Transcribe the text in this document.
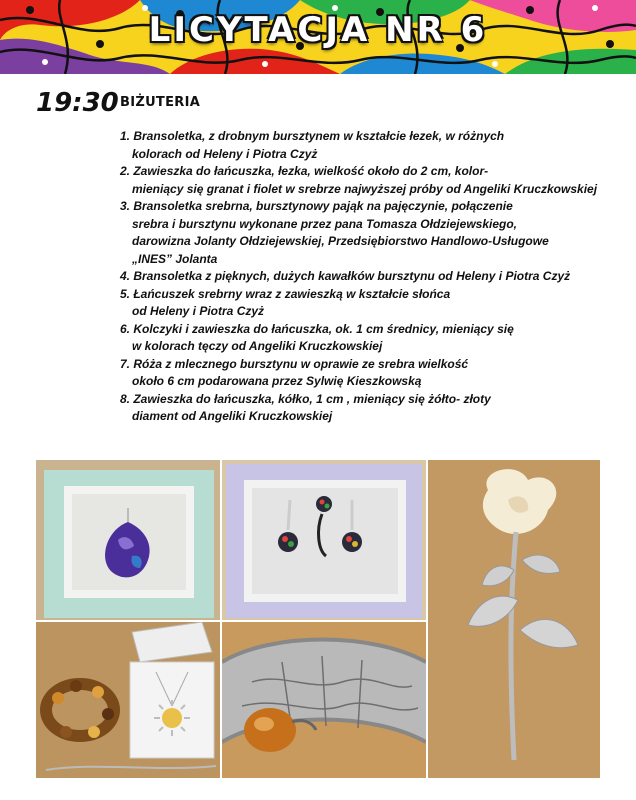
LICYTACJA NR 6
19:30 BIŻUTERIA
1. Bransoletka, z drobnym bursztynem w kształcie łezek, w różnych
kolorach od Heleny i Piotra Czyż
2. Zawieszka do łańcuszka, łezka, wielkość około do 2 cm, kolor-
mieniący się granat i fiolet w srebrze najwyższej próby od Angeliki Kruczkowskiej
3. Bransoletka srebrna, bursztynowy pająk na pajęczynie, połączenie
srebra i bursztynu wykonane przez pana Tomasza Ołdziejewskiego,
darowizna Jolanty Ołdziejewskiej, Przedsiębiorstwo Handlowo-Usługowe
„INES” Jolanta
4. Bransoletka z pięknych, dużych kawałków bursztynu od Heleny i Piotra Czyż
5. Łańcuszek srebrny wraz z zawieszką w kształcie słońca
od Heleny i Piotra Czyż
6. Kolczyki i zawieszka do łańcuszka, ok. 1 cm średnicy, mieniący się
w kolorach tęczy od Angeliki Kruczkowskiej
7. Róża z mlecznego bursztynu w oprawie ze srebra wielkość
około 6 cm podarowana przez Sylwię Kieszkowską
8. Zawieszka do łańcuszka, kółko, 1 cm , mieniący się żółto- złoty
diament od Angeliki Kruczkowskiej
